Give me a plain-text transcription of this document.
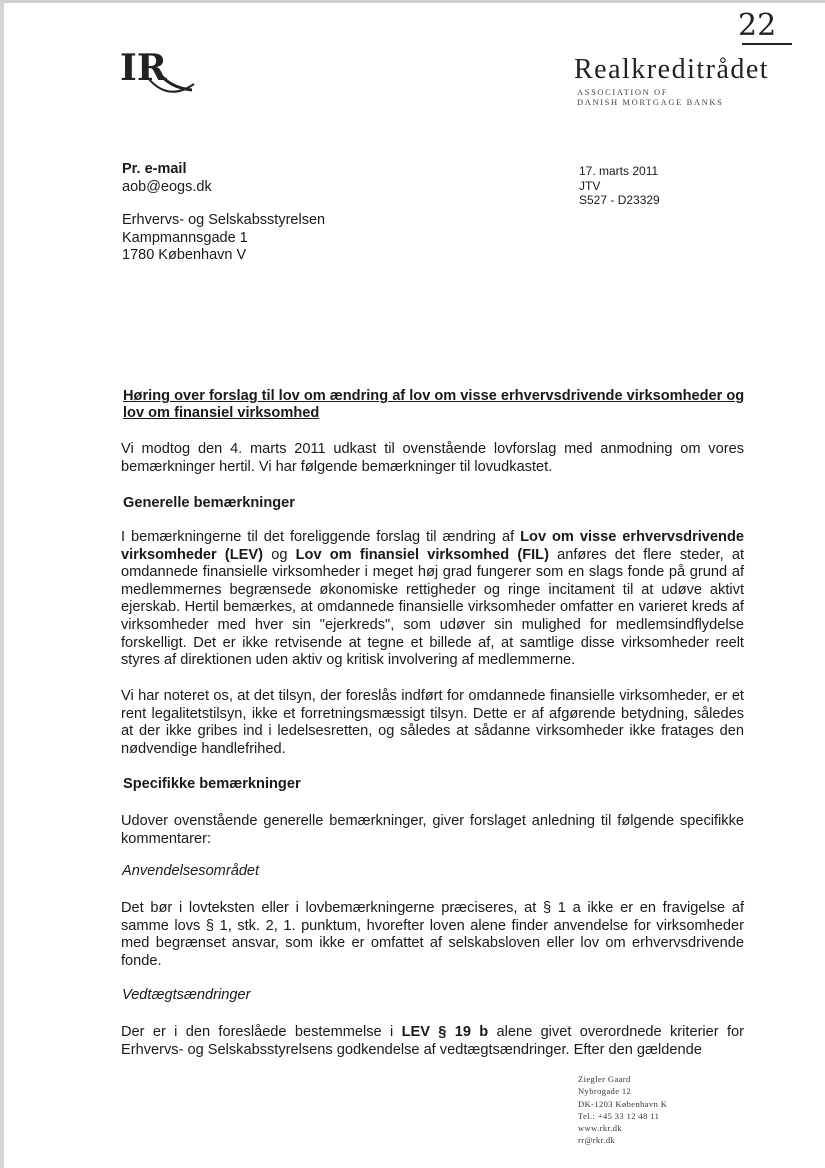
22
IR	Realkreditrådet
ASSOCIATION OF
DANISH MORTGAGE BANKS
Pr. e-mail
aob@eogs.dk
17. marts 2011
JTV
S527 - D23329
Erhvervs- og Selskabsstyrelsen
Kampmannsgade 1
1780 København V
Høring over forslag til lov om ændring af lov om visse erhvervsdrivende virksomheder og lov om finansiel virksomhed
Vi modtog den 4. marts 2011 udkast til ovenstående lovforslag med anmodning om vores bemærkninger hertil. Vi har følgende bemærkninger til lovudkastet.
Generelle bemærkninger
I bemærkningerne til det foreliggende forslag til ændring af Lov om visse erhvervsdrivende virksomheder (LEV) og Lov om finansiel virksomhed (FIL) anføres det flere steder, at omdannede finansielle virksomheder i meget høj grad fungerer som en slags fonde på grund af medlemmernes begrænsede økonomiske rettigheder og ringe incitament til at udøve aktivt ejerskab. Hertil bemærkes, at omdannede finansielle virksomheder omfatter en varieret kreds af virksomheder med hver sin "ejerkreds", som udøver sin mulighed for medlemsindflydelse forskelligt. Det er ikke retvisende at tegne et billede af, at samtlige disse virksomheder reelt styres af direktionen uden aktiv og kritisk involvering af medlemmerne.
Vi har noteret os, at det tilsyn, der foreslås indført for omdannede finansielle virksomheder, er et rent legalitetstilsyn, ikke et forretningsmæssigt tilsyn. Dette er af afgørende betydning, således at der ikke gribes ind i ledelsesretten, og således at sådanne virksomheder ikke fratages den nødvendige handlefrihed.
Specifikke bemærkninger
Udover ovenstående generelle bemærkninger, giver forslaget anledning til følgende specifikke kommentarer:
Anvendelsesområdet
Det bør i lovteksten eller i lovbemærkningerne præciseres, at § 1 a ikke er en fravigelse af samme lovs § 1, stk. 2, 1. punktum, hvorefter loven alene finder anvendelse for virksomheder med begrænset ansvar, som ikke er omfattet af selskabsloven eller lov om erhvervsdrivende fonde.
Vedtægtsændringer
Der er i den foreslåede bestemmelse i LEV § 19 b alene givet overordnede kriterier for Erhvervs- og Selskabsstyrelsens godkendelse af vedtægtsændringer. Efter den gældende
Ziegler Gaard
Nybrogade 12
DK-1203 København K
Tel.: +45 33 12 48 11
www.rkr.dk
rr@rkr.dk
